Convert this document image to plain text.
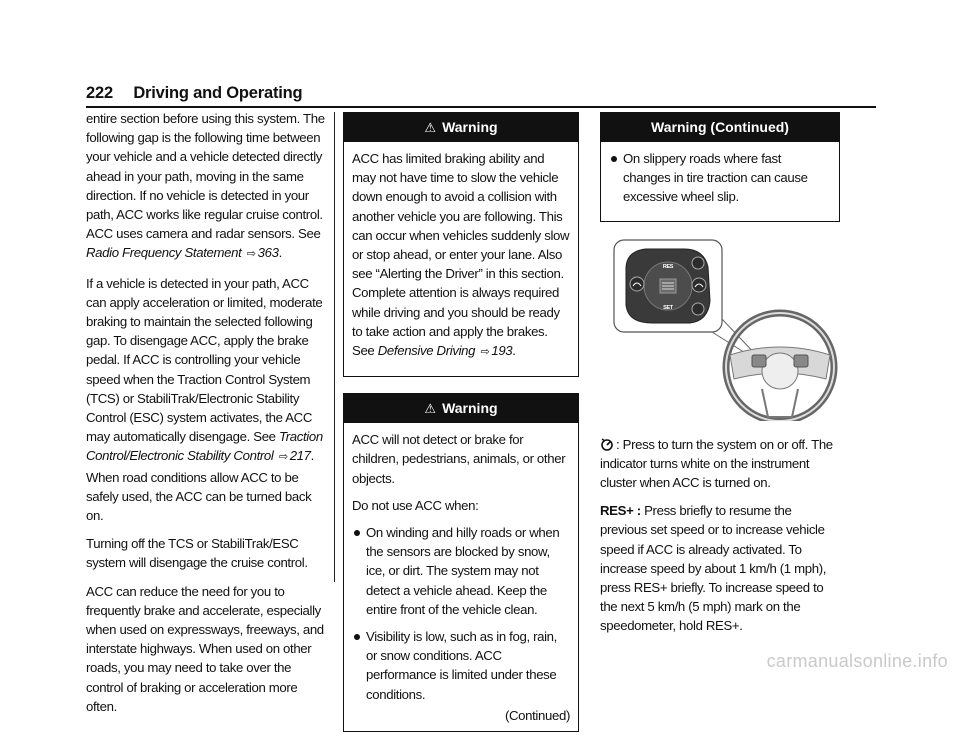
222 Driving and Operating

entire section before using this system. The following gap is the following time between your vehicle and a vehicle detected directly ahead in your path, moving in the same direction. If no vehicle is detected in your path, ACC works like regular cruise control. ACC uses camera and radar sensors. See Radio Frequency Statement ⇨ 363.

If a vehicle is detected in your path, ACC can apply acceleration or limited, moderate braking to maintain the selected following gap. To disengage ACC, apply the brake pedal. If ACC is controlling your vehicle speed when the Traction Control System (TCS) or StabiliTrak/Electronic Stability Control (ESC) system activates, the ACC may automatically disengage. See Traction Control/Electronic Stability Control ⇨ 217. When road conditions allow ACC to be safely used, the ACC can be turned back on.

Turning off the TCS or StabiliTrak/ESC system will disengage the cruise control.

ACC can reduce the need for you to frequently brake and accelerate, especially when used on expressways, freeways, and interstate highways. When used on other roads, you may need to take over the control of braking or acceleration more often.

⚠ Warning

ACC has limited braking ability and may not have time to slow the vehicle down enough to avoid a collision with another vehicle you are following. This can occur when vehicles suddenly slow or stop ahead, or enter your lane. Also see “Alerting the Driver” in this section. Complete attention is always required while driving and you should be ready to take action and apply the brakes. See Defensive Driving ⇨ 193.

⚠ Warning

ACC will not detect or brake for children, pedestrians, animals, or other objects.

Do not use ACC when:

On winding and hilly roads or when the sensors are blocked by snow, ice, or dirt. The system may not detect a vehicle ahead. Keep the entire front of the vehicle clean.
Visibility is low, such as in fog, rain, or snow conditions. ACC performance is limited under these conditions.
(Continued)
Warning (Continued)
On slippery roads where fast changes in tire traction can cause excessive wheel slip.
RES
SET

: Press to turn the system on or off. The indicator turns white on the instrument cluster when ACC is turned on.

RES+ : Press briefly to resume the previous set speed or to increase vehicle speed if ACC is already activated. To increase speed by about 1 km/h (1 mph), press RES+ briefly. To increase speed to the next 5 km/h (5 mph) mark on the speedometer, hold RES+.

carmanualsonline.info
